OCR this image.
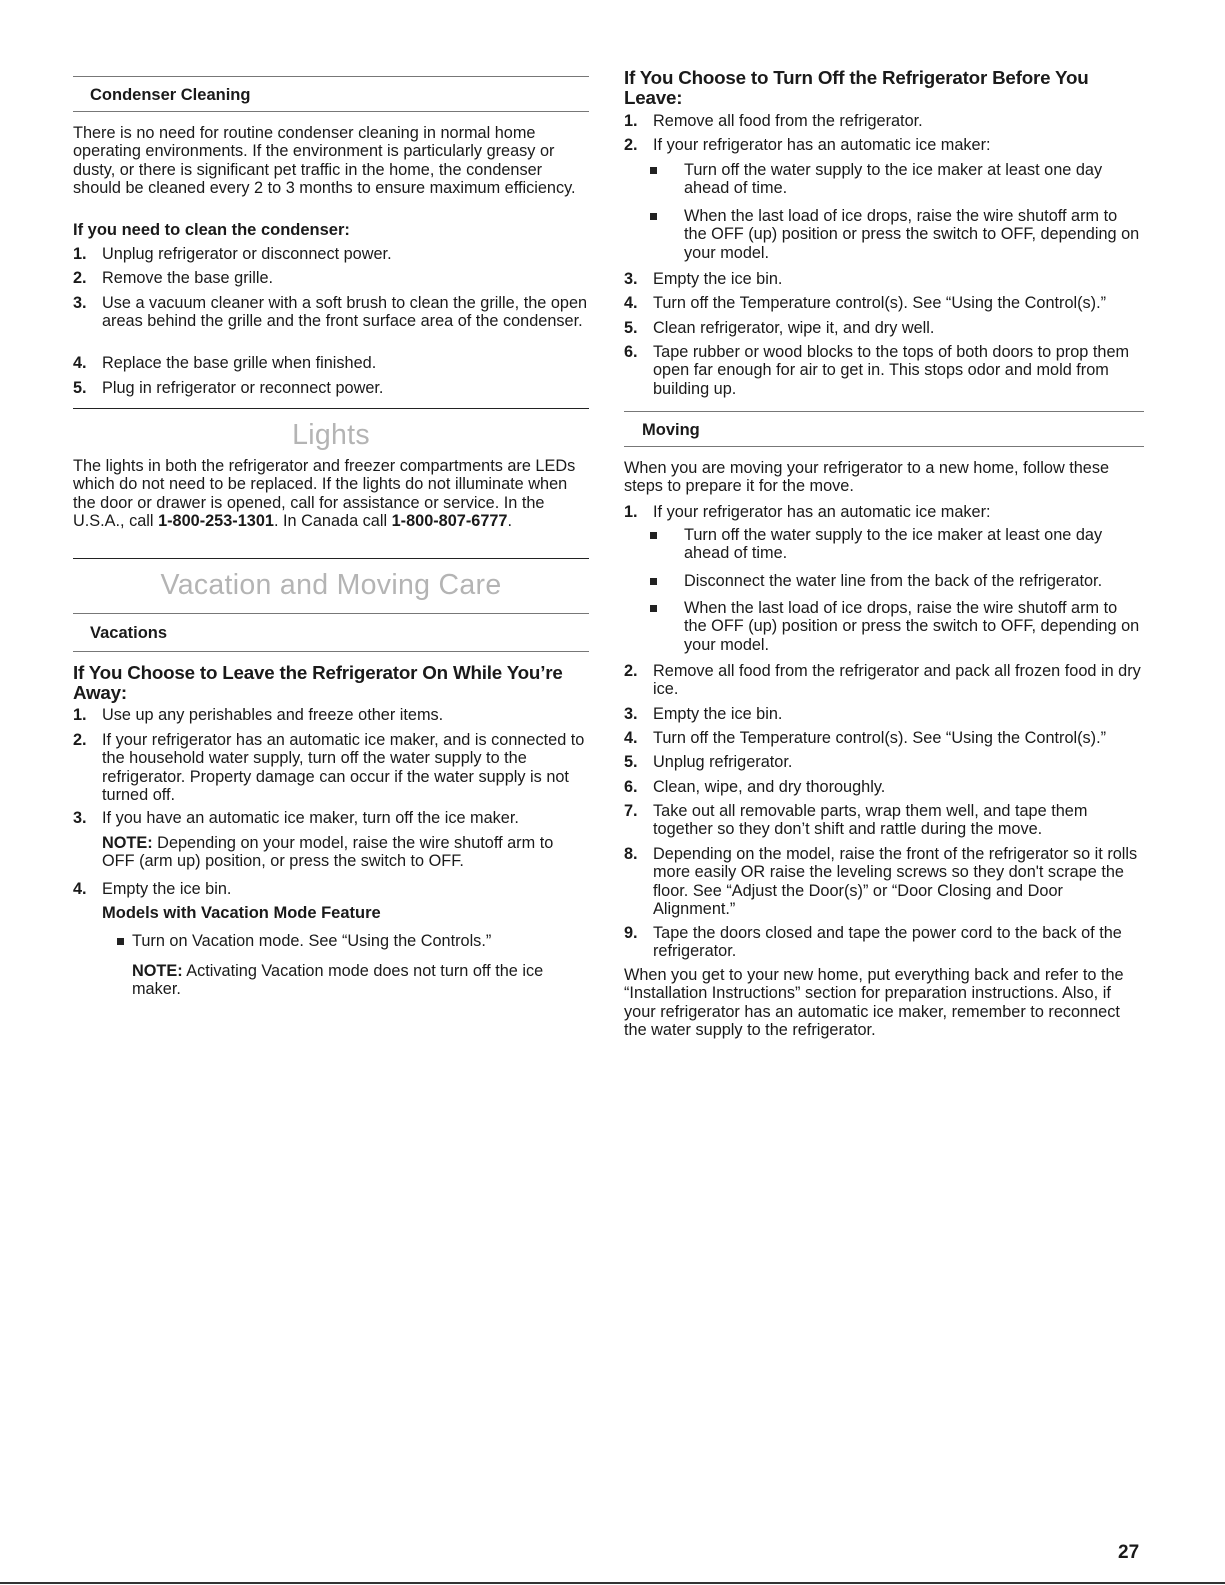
Condenser Cleaning

There is no need for routine condenser cleaning in normal home operating environments. If the environment is particularly greasy or dusty, or there is significant pet traffic in the home, the condenser should be cleaned every 2 to 3 months to ensure maximum efficiency.

If you need to clean the condenser:
1. Unplug refrigerator or disconnect power.
2. Remove the base grille.
3. Use a vacuum cleaner with a soft brush to clean the grille, the open areas behind the grille and the front surface area of the condenser.
4. Replace the base grille when finished.
5. Plug in refrigerator or reconnect power.
Lights

The lights in both the refrigerator and freezer compartments are LEDs which do not need to be replaced. If the lights do not illuminate when the door or drawer is opened, call for assistance or service. In the U.S.A., call 1-800-253-1301. In Canada call 1-800-807-6777.

Vacation and Moving Care
Vacations
If You Choose to Leave the Refrigerator On While You’re Away:
1. Use up any perishables and freeze other items.
2. If your refrigerator has an automatic ice maker, and is connected to the household water supply, turn off the water supply to the refrigerator. Property damage can occur if the water supply is not turned off.
3. If you have an automatic ice maker, turn off the ice maker.

NOTE: Depending on your model, raise the wire shutoff arm to OFF (arm up) position, or press the switch to OFF.

4. Empty the ice bin.
Models with Vacation Mode Feature

Turn on Vacation mode. See “Using the Controls.”

NOTE: Activating Vacation mode does not turn off the ice maker.

If You Choose to Turn Off the Refrigerator Before You Leave:
1. Remove all food from the refrigerator.
2. If your refrigerator has an automatic ice maker:

Turn off the water supply to the ice maker at least one day ahead of time.

When the last load of ice drops, raise the wire shutoff arm to the OFF (up) position or press the switch to OFF, depending on your model.

3. Empty the ice bin.
4. Turn off the Temperature control(s). See “Using the Control(s).”
5. Clean refrigerator, wipe it, and dry well.
6. Tape rubber or wood blocks to the tops of both doors to prop them open far enough for air to get in. This stops odor and mold from building up.
Moving

When you are moving your refrigerator to a new home, follow these steps to prepare it for the move.

1. If your refrigerator has an automatic ice maker:

Turn off the water supply to the ice maker at least one day ahead of time.

Disconnect the water line from the back of the refrigerator.

When the last load of ice drops, raise the wire shutoff arm to the OFF (up) position or press the switch to OFF, depending on your model.

2. Remove all food from the refrigerator and pack all frozen food in dry ice.
3. Empty the ice bin.
4. Turn off the Temperature control(s). See “Using the Control(s).”
5. Unplug refrigerator.
6. Clean, wipe, and dry thoroughly.
7. Take out all removable parts, wrap them well, and tape them together so they don’t shift and rattle during the move.
8. Depending on the model, raise the front of the refrigerator so it rolls more easily OR raise the leveling screws so they don't scrape the floor. See “Adjust the Door(s)” or “Door Closing and Door Alignment.”
9. Tape the doors closed and tape the power cord to the back of the refrigerator.

When you get to your new home, put everything back and refer to the “Installation Instructions” section for preparation instructions. Also, if your refrigerator has an automatic ice maker, remember to reconnect the water supply to the refrigerator.

27
